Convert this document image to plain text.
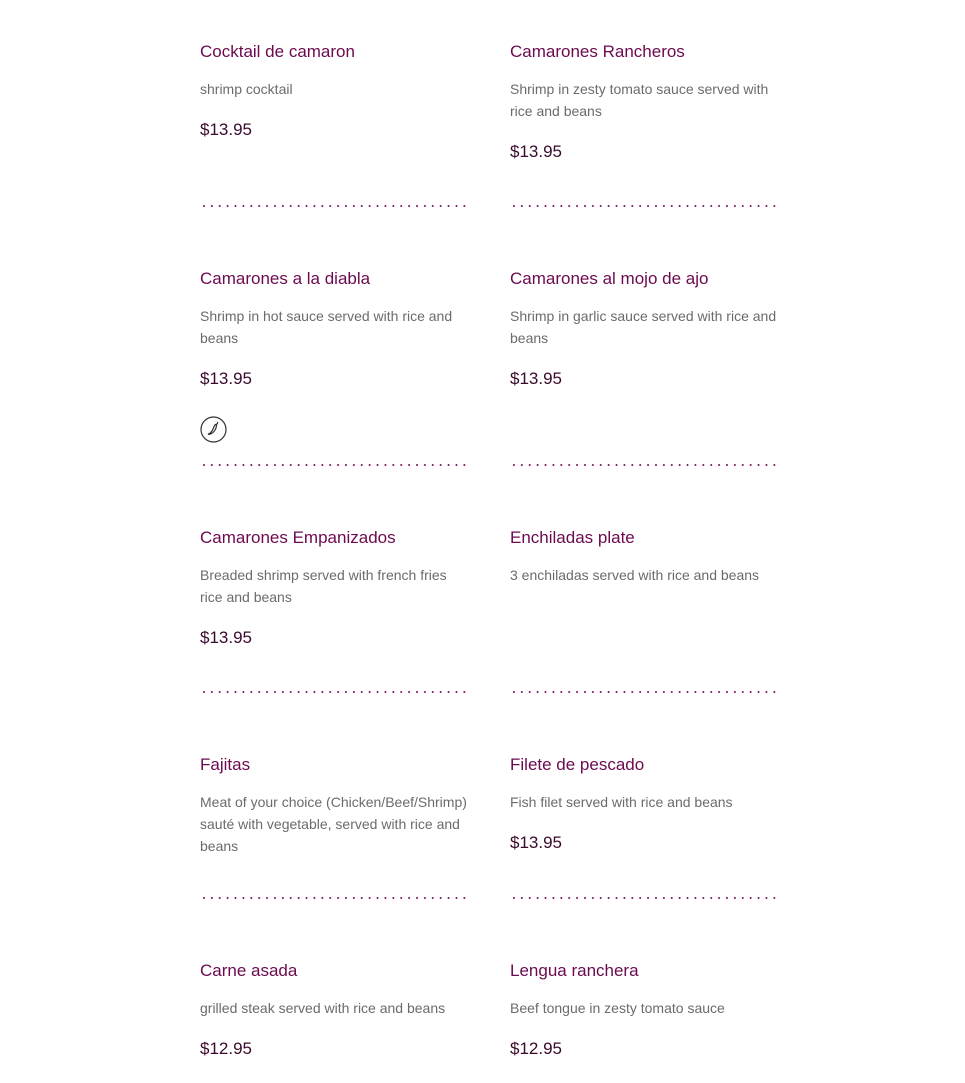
Cocktail de camaron

shrimp cocktail

$13.95
Camarones Rancheros

Shrimp in zesty tomato sauce served with rice and beans

$13.95
Camarones a la diabla

Shrimp in hot sauce served with rice and beans

$13.95
Camarones al mojo de ajo

Shrimp in garlic sauce served with rice and beans

$13.95
Camarones Empanizados

Breaded shrimp served with french fries rice and beans

$13.95
Enchiladas plate

3 enchiladas served with rice and beans

Fajitas

Meat of your choice (Chicken/Beef/Shrimp) sauté with vegetable, served with rice and beans

Filete de pescado

Fish filet served with rice and beans

$13.95
Carne asada

grilled steak served with rice and beans

$12.95
Lengua ranchera

Beef tongue in zesty tomato sauce

$12.95
